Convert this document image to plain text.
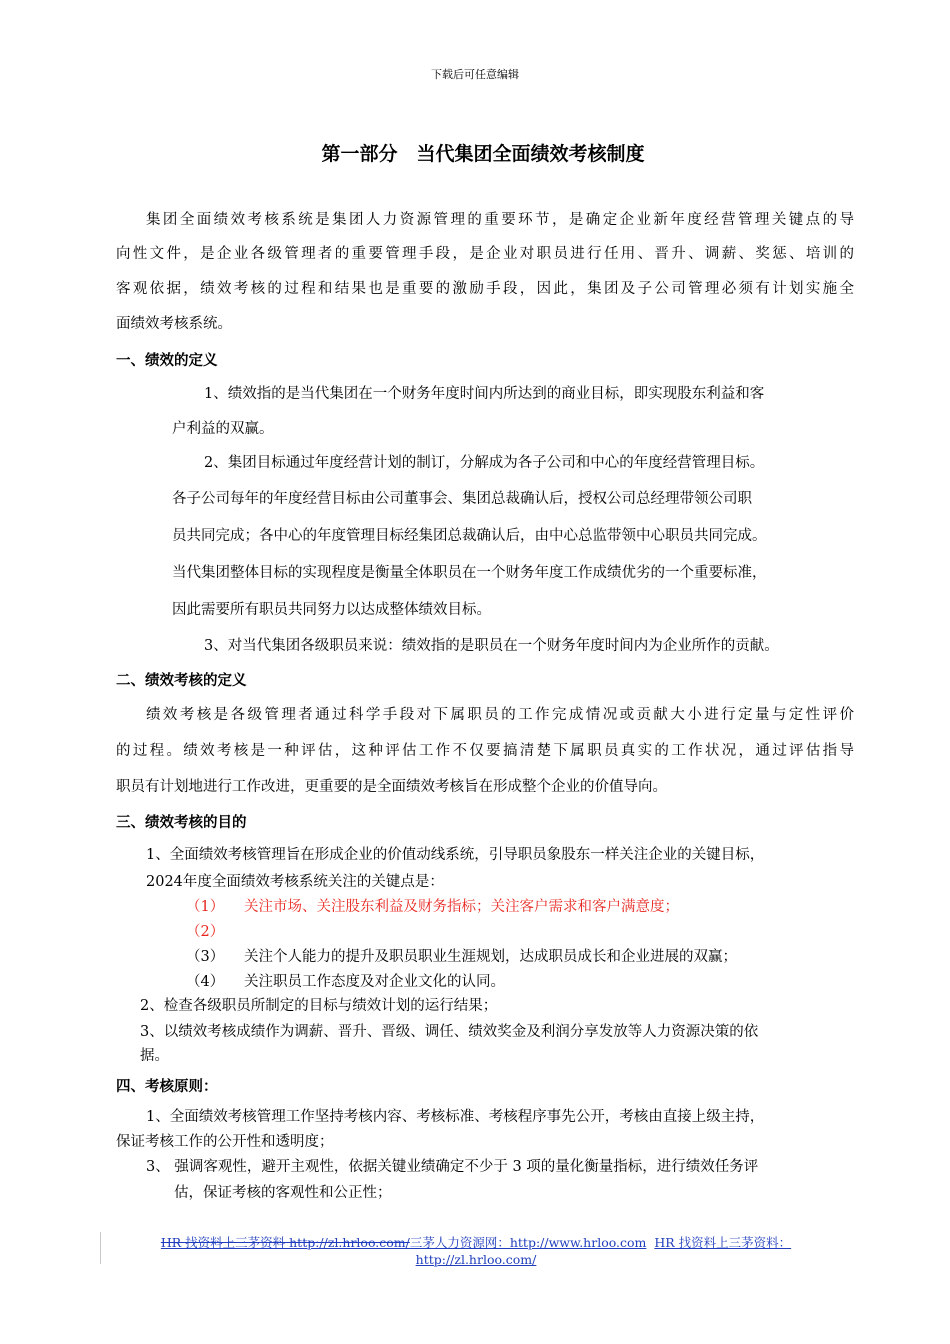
下载后可任意编辑
第一部分　当代集团全面绩效考核制度
集团全面绩效考核系统是集团人力资源管理的重要环节，是确定企业新年度经营管理关键点的导
向性文件，是企业各级管理者的重要管理手段，是企业对职员进行任用、晋升、调薪、奖惩、培训的
客观依据，绩效考核的过程和结果也是重要的激励手段，因此，集团及子公司管理必须有计划实施全
面绩效考核系统。
一、绩效的定义
1、绩效指的是当代集团在一个财务年度时间内所达到的商业目标，即实现股东利益和客
户利益的双赢。
2、集团目标通过年度经营计划的制订，分解成为各子公司和中心的年度经营管理目标。
各子公司每年的年度经营目标由公司董事会、集团总裁确认后，授权公司总经理带领公司职
员共同完成；各中心的年度管理目标经集团总裁确认后，由中心总监带领中心职员共同完成。
当代集团整体目标的实现程度是衡量全体职员在一个财务年度工作成绩优劣的一个重要标准，
因此需要所有职员共同努力以达成整体绩效目标。
3、对当代集团各级职员来说：绩效指的是职员在一个财务年度时间内为企业所作的贡献。
二、绩效考核的定义
绩效考核是各级管理者通过科学手段对下属职员的工作完成情况或贡献大小进行定量与定性评价
的过程。绩效考核是一种评估，这种评估工作不仅要搞清楚下属职员真实的工作状况，通过评估指导
职员有计划地进行工作改进，更重要的是全面绩效考核旨在形成整个企业的价值导向。
三、绩效考核的目的
1、全面绩效考核管理旨在形成企业的价值动线系统，引导职员象股东一样关注企业的关键目标，
2024年度全面绩效考核系统关注的关键点是：
（1） 关注市场、关注股东利益及财务指标；关注客户需求和客户满意度；
（2）
（3） 关注个人能力的提升及职员职业生涯规划，达成职员成长和企业进展的双赢；
（4） 关注职员工作态度及对企业文化的认同。
2、检查各级职员所制定的目标与绩效计划的运行结果；
3、以绩效考核成绩作为调薪、晋升、晋级、调任、绩效奖金及利润分享发放等人力资源决策的依
据。
四、考核原则：
1、全面绩效考核管理工作坚持考核内容、考核标准、考核程序事先公开，考核由直接上级主持，
保证考核工作的公开性和透明度；
3、 强调客观性，避开主观性，依据关键业绩确定不少于 3 项的量化衡量指标，进行绩效任务评
估，保证考核的客观性和公正性；
HR 找资料上三茅资料 http://zl.hrloo.com/三茅人力资源网：http://www.hrloo.com HR 找资料上三茅资料：
http://zl.hrloo.com/
